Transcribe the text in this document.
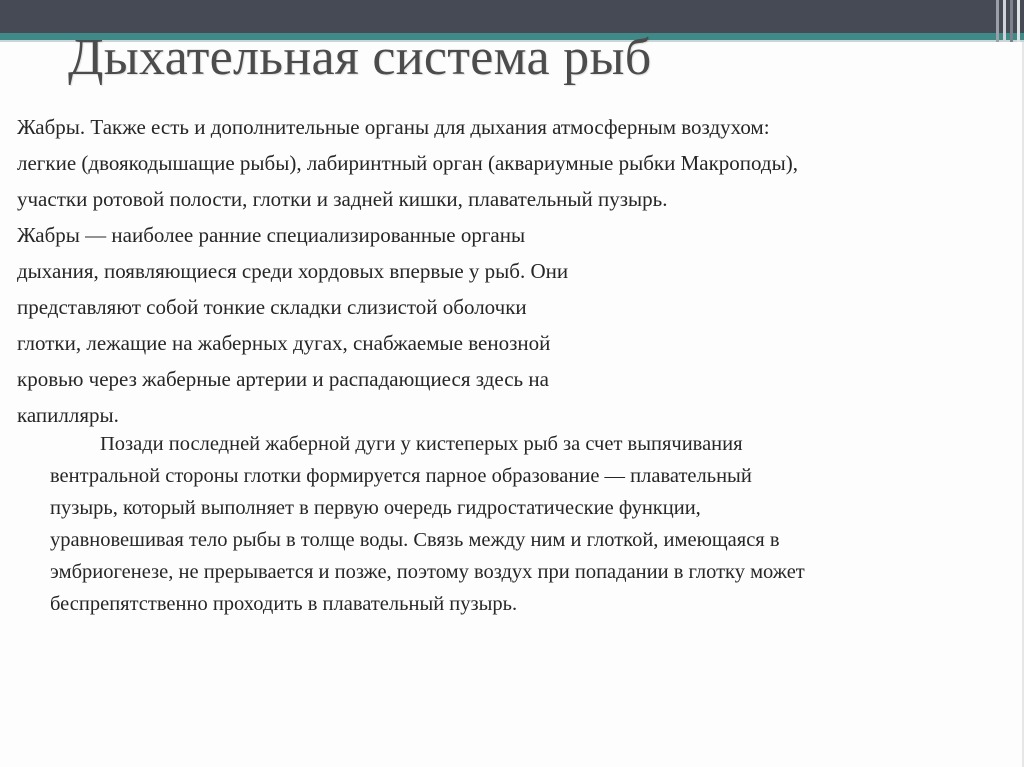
Дыхательная система рыб
Жабры. Также есть и дополнительные органы для дыхания атмосферным воздухом:
легкие (двоякодышащие рыбы), лабиринтный орган (аквариумные рыбки Макроподы),
участки ротовой полости, глотки и задней кишки, плавательный пузырь.
Жабры — наиболее ранние специализированные органы
дыхания, появляющиеся среди хордовых впервые у рыб. Они
представляют собой тонкие складки слизистой оболочки
глотки, лежащие на жаберных дугах, снабжаемые венозной
кровью через жаберные артерии и распадающиеся здесь на
капилляры.
Позади последней жаберной дуги у кистеперых рыб за счет выпячивания
вентральной стороны глотки формируется парное образование — плавательный
пузырь, который выполняет в первую очередь гидростатические функции,
уравновешивая тело рыбы в толще воды. Связь между ним и глоткой, имеющаяся в
эмбриогенезе, не прерывается и позже, поэтому воздух при попадании в глотку может
беспрепятственно проходить в плавательный пузырь.
